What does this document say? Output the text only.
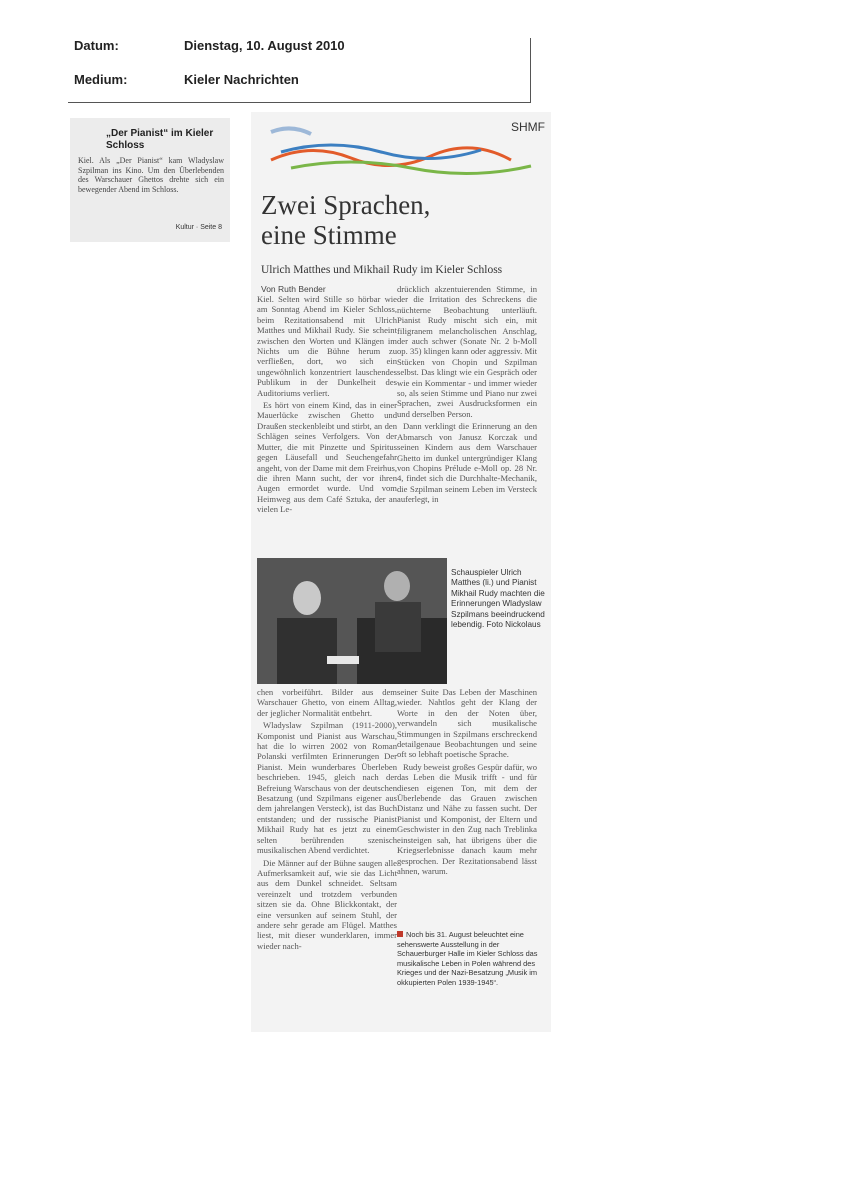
Datum:	Dienstag, 10. August 2010
Medium:	Kieler Nachrichten
„Der Pianist“ im Kieler Schloss
Kiel. Als „Der Pianist“ kam Wladyslaw Szpilman ins Kino. Um den Überlebenden des Warschauer Ghettos drehte sich ein bewegender Abend im Schloss.
Kultur · Seite 8
SHMF
Zwei Sprachen,
eine Stimme
Ulrich Matthes und Mikhail Rudy im Kieler Schloss
Von Ruth Bender

Kiel. Selten wird Stille so hörbar wie am Sonntag Abend im Kieler Schloss, beim Rezitationsabend mit Ulrich Matthes und Mikhail Rudy. Sie scheint zwischen den Worten und Klängen im Nichts um die Bühne herum zu verfließen, dort, wo sich ein ungewöhnlich konzentriert lauschendes Publikum in der Dunkelheit des Auditoriums verliert.

Es hört von einem Kind, das in einer Mauerlücke zwischen Ghetto und Draußen steckenbleibt und stirbt, an den Schlägen seines Verfolgers. Von der Mutter, die mit Pinzette und Spiritus gegen Läusefall und Seuchengefahr angeht, von der Dame mit dem Freirhus, die ihren Mann sucht, der vor ihren Augen ermordet wurde. Und vom Heimweg aus dem Café Sztuka, der an vielen Le-

drücklich akzentuierenden Stimme, in der die Irritation des Schreckens die nüchterne Beobachtung unterläuft. Pianist Rudy mischt sich ein, mit filigranem melancholischen Anschlag, der auch schwer (Sonate Nr. 2 b-Moll op. 35) klingen kann oder aggressiv. Mit Stücken von Chopin und Szpilman selbst. Das klingt wie ein Gespräch oder wie ein Kommentar - und immer wieder so, als seien Stimme und Piano nur zwei Sprachen, zwei Ausdrucksformen ein und derselben Person.

Dann verklingt die Erinnerung an den Abmarsch von Janusz Korczak und seinen Kindern aus dem Warschauer Ghetto im dunkel untergründiger Klang von Chopins Prélude e-Moll op. 28 Nr. 4, findet sich die Durchhalte-Mechanik, die Szpilman seinem Leben im Versteck auferlegt, in

Schauspieler Ulrich Matthes (li.) und Pianist Mikhail Rudy machten die Erinnerungen Wladyslaw Szpilmans beeindruckend lebendig. Foto Nickolaus

chen vorbeiführt. Bilder aus dem Warschauer Ghetto, von einem Alltag, der jeglicher Normalität entbehrt.

Wladyslaw Szpilman (1911-2000), Komponist und Pianist aus Warschau, hat die lo wirren 2002 von Roman Polanski verfilmten Erinnerungen Der Pianist. Mein wunderbares Überleben beschrieben. 1945, gleich nach der Befreiung Warschaus von der deutschen Besatzung (und Szpilmans eigener aus dem jahrelangen Versteck), ist das Buch entstanden; und der russische Pianist Mikhail Rudy hat es jetzt zu einem selten berührenden szenisch musikalischen Abend verdichtet.

Die Männer auf der Bühne saugen alle Aufmerksamkeit auf, wie sie das Licht aus dem Dunkel schneidet. Seltsam vereinzelt und trotzdem verbunden sitzen sie da. Ohne Blickkontakt, der eine versunken auf seinem Stuhl, der andere sehr gerade am Flügel. Matthes liest, mit dieser wunderklaren, immer wieder nach-

seiner Suite Das Leben der Maschinen wieder. Nahtlos geht der Klang der Worte in den der Noten über, verwandeln sich musikalische Stimmungen in Szpilmans erschreckend detailgenaue Beobachtungen und seine oft so lebhaft poetische Sprache.

Rudy beweist großes Gespür dafür, wo das Leben die Musik trifft - und für diesen eigenen Ton, mit dem der Überlebende das Grauen zwischen Distanz und Nähe zu fassen sucht. Der Pianist und Komponist, der Eltern und Geschwister in den Zug nach Treblinka einsteigen sah, hat übrigens über die Kriegserlebnisse danach kaum mehr gesprochen. Der Rezitationsabend lässt ahnen, warum.

Noch bis 31. August beleuchtet eine sehenswerte Ausstellung in der Schauerburger Halle im Kieler Schloss das musikalische Leben in Polen während des Krieges und der Nazi-Besatzung „Musik im okkupierten Polen 1939-1945“.
